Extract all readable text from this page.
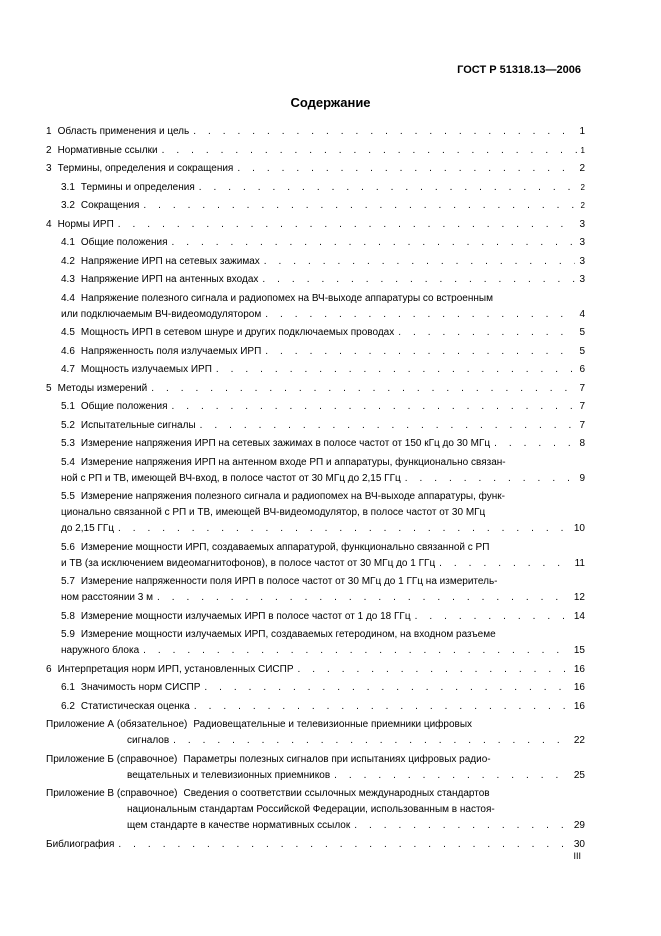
ГОСТ Р 51318.13—2006
Содержание
1 Область применения и цель . . .	1
2 Нормативные ссылки . . .	1
3 Термины, определения и сокращения . . .	2
3.1 Термины и определения . . .	2
3.2 Сокращения . . .	2
4 Нормы ИРП . . .	3
4.1 Общие положения . . .	3
4.2 Напряжение ИРП на сетевых зажимах . . .	3
4.3 Напряжение ИРП на антенных входах . . .	3
4.4 Напряжение полезного сигнала и радиопомех на ВЧ-выходе аппаратуры со встроенным
или подключаемым ВЧ-видеомодулятором . . .	4
4.5 Мощность ИРП в сетевом шнуре и других подключаемых проводах . . .	5
4.6 Напряженность поля излучаемых ИРП . . .	5
4.7 Мощность излучаемых ИРП . . .	6
5 Методы измерений . . .	7
5.1 Общие положения . . .	7
5.2 Испытательные сигналы . . .	7
5.3 Измерение напряжения ИРП на сетевых зажимах в полосе частот от 150 кГц до 30 МГц . . .	8
5.4 Измерение напряжения ИРП на антенном входе РП и аппаратуры, функционально связан-
ной с РП и ТВ, имеющей ВЧ-вход, в полосе частот от 30 МГц до 2,15 ГГц . . .	9
5.5 Измерение напряжения полезного сигнала и радиопомех на ВЧ-выходе аппаратуры, функ-
ционально связанной с РП и ТВ, имеющей ВЧ-видеомодулятор, в полосе частот от 30 МГц
до 2,15 ГГц . . .	10
5.6 Измерение мощности ИРП, создаваемых аппаратурой, функционально связанной с РП
и ТВ (за исключением видеомагнитофонов), в полосе частот от 30 МГц до 1 ГГц . . .	11
5.7 Измерение напряженности поля ИРП в полосе частот от 30 МГц до 1 ГГц на измеритель-
ном расстоянии 3 м . . .	12
5.8 Измерение мощности излучаемых ИРП в полосе частот от 1 до 18 ГГц . . .	14
5.9 Измерение мощности излучаемых ИРП, создаваемых гетеродином, на входном разъеме
наружного блока . . .	15
6 Интерпретация норм ИРП, установленных СИСПР . . .	16
6.1 Значимость норм СИСПР . . .	16
6.2 Статистическая оценка . . .	16
Приложение А (обязательное) Радиовещательные и телевизионные приемники цифровых
сигналов . . .	22
Приложение Б (справочное) Параметры полезных сигналов при испытаниях цифровых радио-
вещательных и телевизионных приемников . . .	25
Приложение В (справочное) Сведения о соответствии ссылочных международных стандартов
национальным стандартам Российской Федерации, использованным в настоя-
щем стандарте в качестве нормативных ссылок . . .	29
Библиография . . .	30
III
